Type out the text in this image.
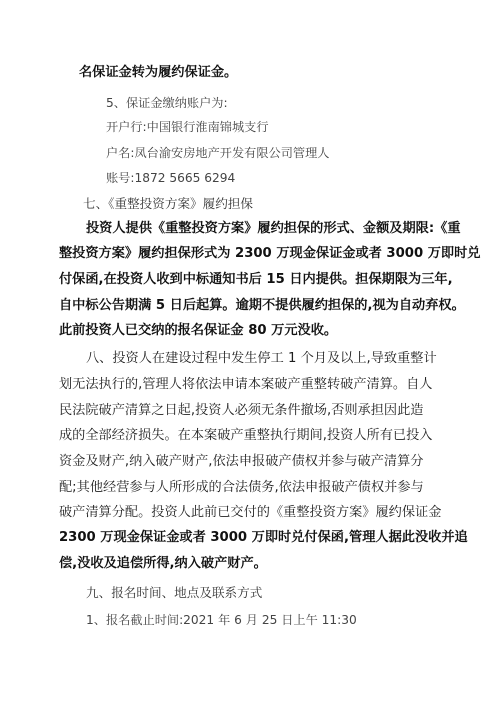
名保证金转为履约保证金。
5、保证金缴纳账户为:
开户行:中国银行淮南锦城支行
户名:凤台渝安房地产开发有限公司管理人
账号:1872 5665 6294
七、《重整投资方案》履约担保
投资人提供《重整投资方案》履约担保的形式、金额及期限:《重
整投资方案》履约担保形式为 2300 万现金保证金或者 3000 万即时兑
付保函,在投资人收到中标通知书后 15 日内提供。担保期限为三年,
自中标公告期满 5 日后起算。逾期不提供履约担保的,视为自动弃权。
此前投资人已交纳的报名保证金 80 万元没收。
八、投资人在建设过程中发生停工 1 个月及以上,导致重整计
划无法执行的,管理人将依法申请本案破产重整转破产清算。自人
民法院破产清算之日起,投资人必须无条件撤场,否则承担因此造
成的全部经济损失。在本案破产重整执行期间,投资人所有已投入
资金及财产,纳入破产财产,依法申报破产债权并参与破产清算分
配;其他经营参与人所形成的合法债务,依法申报破产债权并参与
破产清算分配。投资人此前已交付的《重整投资方案》履约保证金
2300 万现金保证金或者 3000 万即时兑付保函,管理人据此没收并追
偿,没收及追偿所得,纳入破产财产。
九、报名时间、地点及联系方式
1、报名截止时间:2021 年 6 月 25 日上午 11:30
